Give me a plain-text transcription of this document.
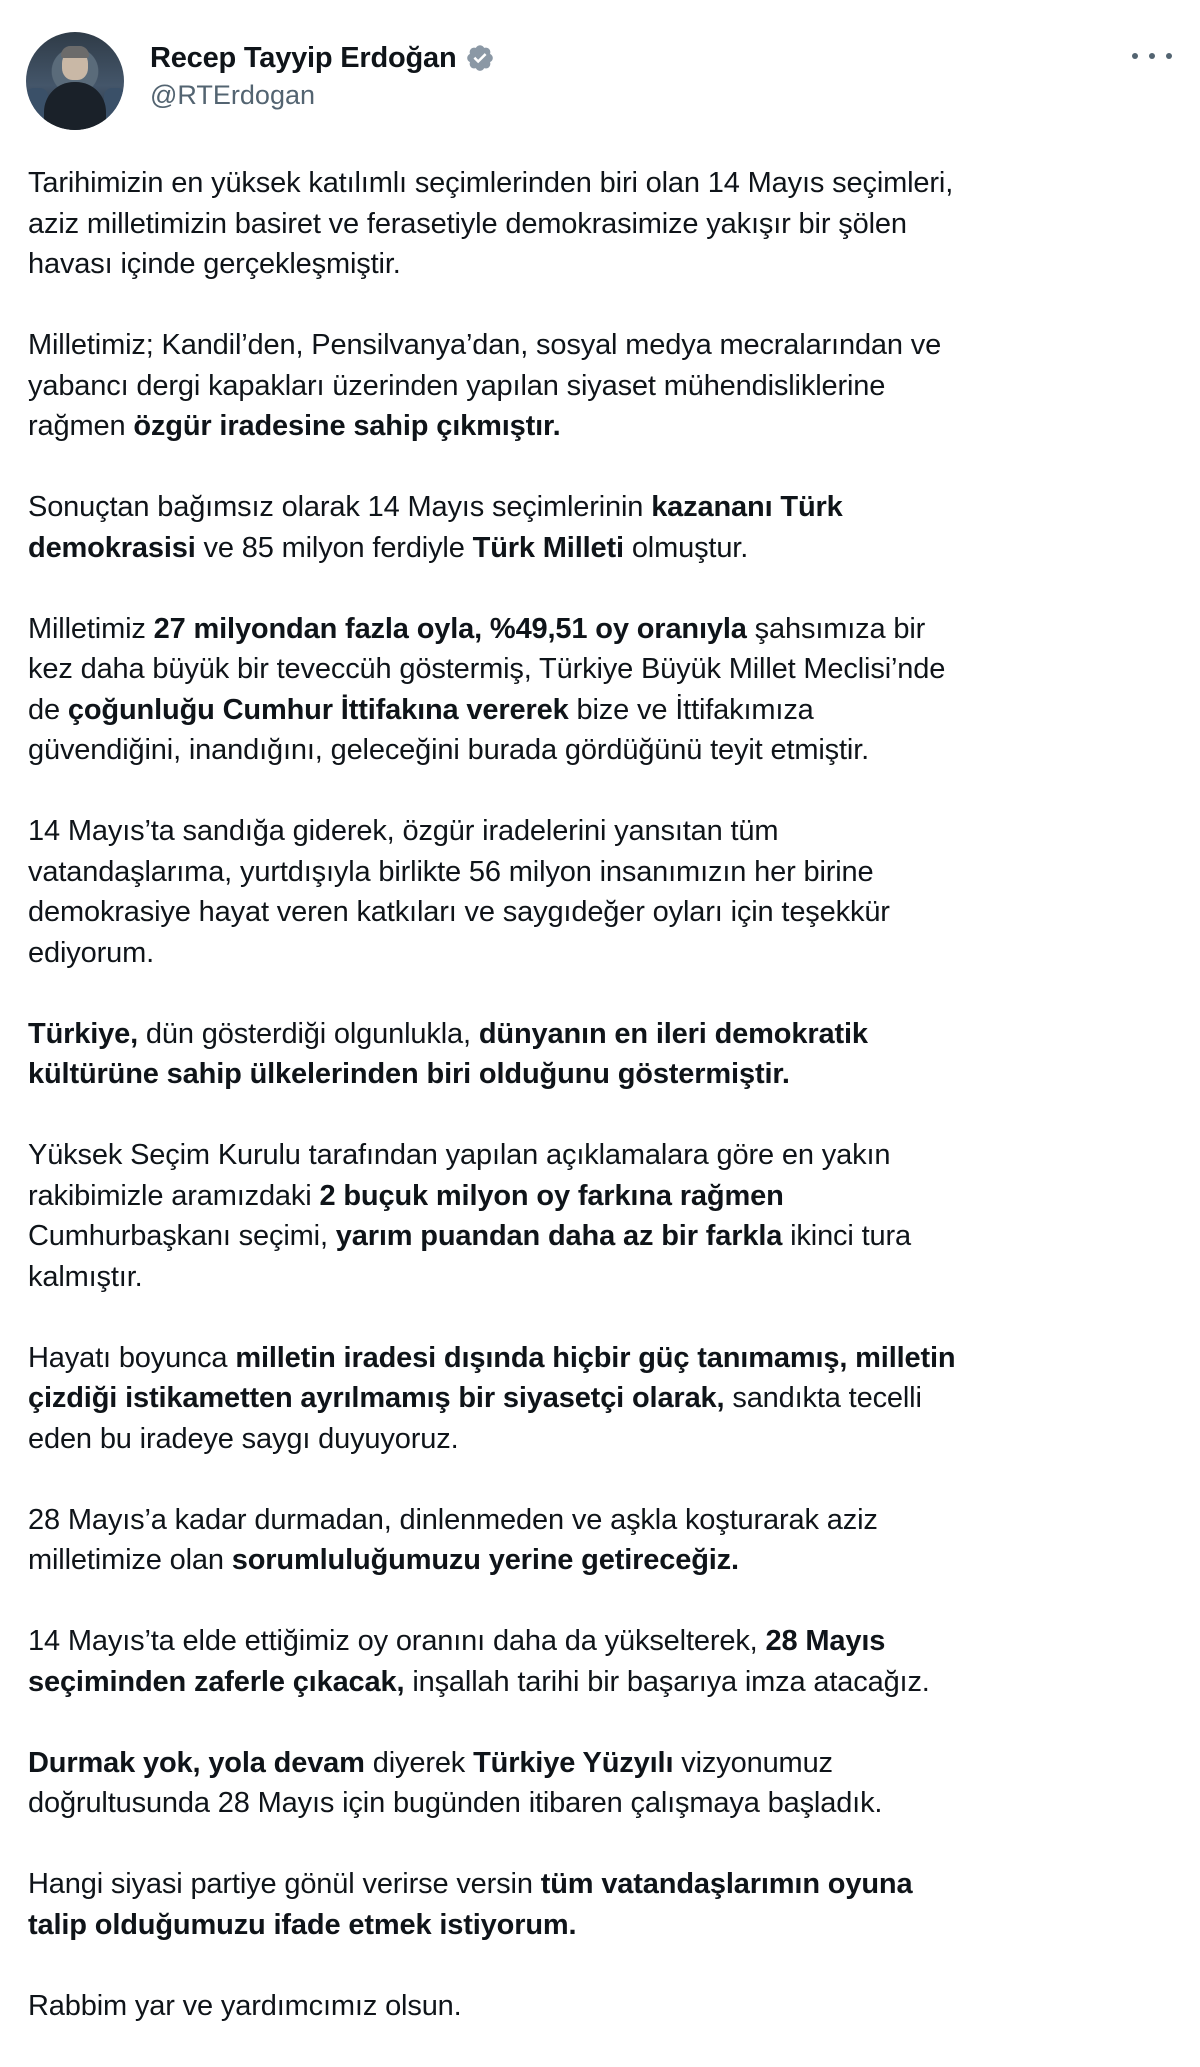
Recep Tayyip Erdoğan
@RTErdogan

Tarihimizin en yüksek katılımlı seçimlerinden biri olan 14 Mayıs seçimleri,
aziz milletimizin basiret ve ferasetiyle demokrasimize yakışır bir şölen
havası içinde gerçekleşmiştir.

Milletimiz; Kandil’den, Pensilvanya’dan, sosyal medya mecralarından ve
yabancı dergi kapakları üzerinden yapılan siyaset mühendisliklerine
rağmen özgür iradesine sahip çıkmıştır.

Sonuçtan bağımsız olarak 14 Mayıs seçimlerinin kazananı Türk
demokrasisi ve 85 milyon ferdiyle Türk Milleti olmuştur.

Milletimiz 27 milyondan fazla oyla, %49,51 oy oranıyla şahsımıza bir
kez daha büyük bir teveccüh göstermiş, Türkiye Büyük Millet Meclisi’nde
de çoğunluğu Cumhur İttifakına vererek bize ve İttifakımıza
güvendiğini, inandığını, geleceğini burada gördüğünü teyit etmiştir.

14 Mayıs’ta sandığa giderek, özgür iradelerini yansıtan tüm
vatandaşlarıma, yurtdışıyla birlikte 56 milyon insanımızın her birine
demokrasiye hayat veren katkıları ve saygıdeğer oyları için teşekkür
ediyorum.

Türkiye, dün gösterdiği olgunlukla, dünyanın en ileri demokratik
kültürüne sahip ülkelerinden biri olduğunu göstermiştir.

Yüksek Seçim Kurulu tarafından yapılan açıklamalara göre en yakın
rakibimizle aramızdaki 2 buçuk milyon oy farkına rağmen
Cumhurbaşkanı seçimi, yarım puandan daha az bir farkla ikinci tura
kalmıştır.

Hayatı boyunca milletin iradesi dışında hiçbir güç tanımamış, milletin
çizdiği istikametten ayrılmamış bir siyasetçi olarak, sandıkta tecelli
eden bu iradeye saygı duyuyoruz.

28 Mayıs’a kadar durmadan, dinlenmeden ve aşkla koşturarak aziz
milletimize olan sorumluluğumuzu yerine getireceğiz.

14 Mayıs’ta elde ettiğimiz oy oranını daha da yükselterek, 28 Mayıs
seçiminden zaferle çıkacak, inşallah tarihi bir başarıya imza atacağız.

Durmak yok, yola devam diyerek Türkiye Yüzyılı vizyonumuz
doğrultusunda 28 Mayıs için bugünden itibaren çalışmaya başladık.

Hangi siyasi partiye gönül verirse versin tüm vatandaşlarımın oyuna
talip olduğumuzu ifade etmek istiyorum.

Rabbim yar ve yardımcımız olsun.
